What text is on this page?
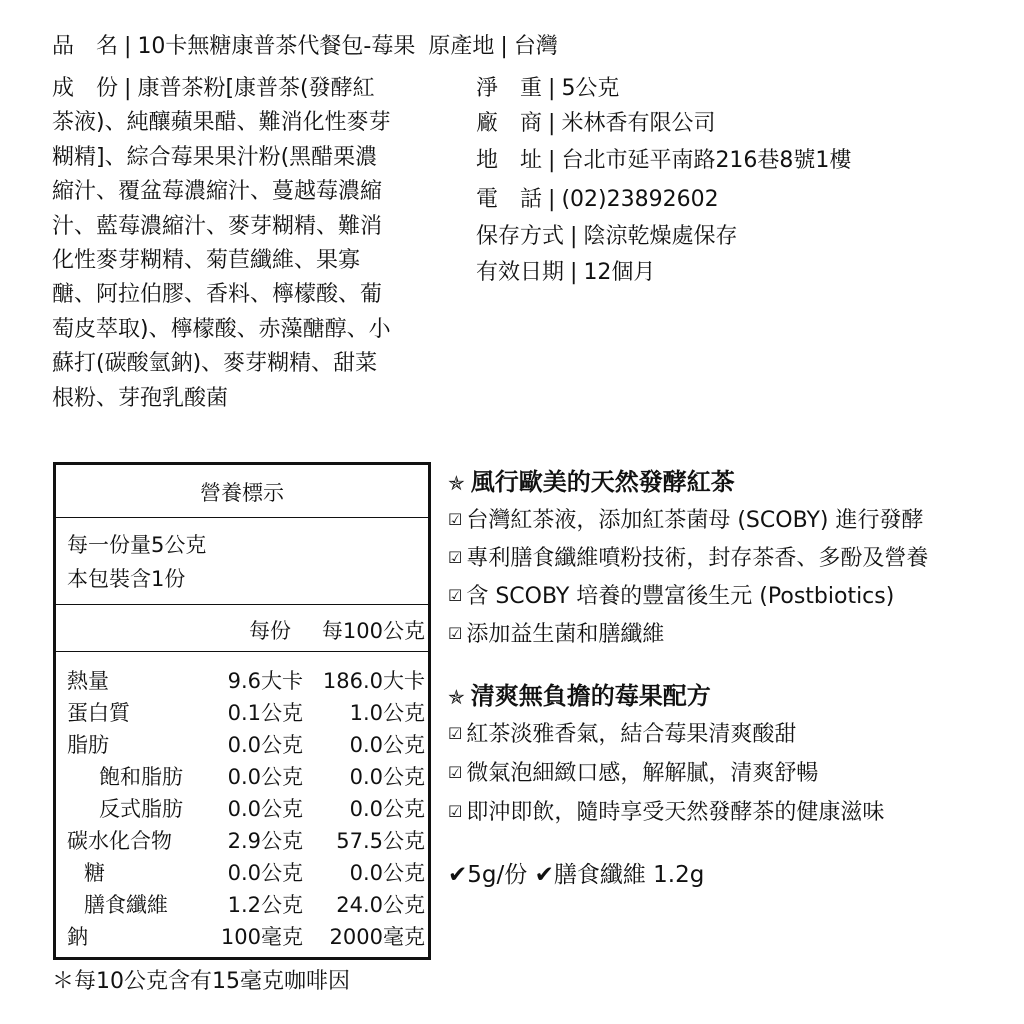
品　名 | 10卡無糖康普茶代餐包-莓果 原產地 | 台灣
成　份 | 康普茶粉[康普茶(發酵紅
茶液)、純釀蘋果醋、難消化性麥芽
糊精]、綜合莓果果汁粉(黑醋栗濃
縮汁、覆盆莓濃縮汁、蔓越莓濃縮
汁、藍莓濃縮汁、麥芽糊精、難消
化性麥芽糊精、菊苣纖維、果寡
醣、阿拉伯膠、香料、檸檬酸、葡
萄皮萃取)、檸檬酸、赤藻醣醇、小
蘇打(碳酸氫鈉)、麥芽糊精、甜菜
根粉、芽孢乳酸菌
淨　重 | 5公克
廠　商 | 米林香有限公司
地　址 | 台北市延平南路216巷8號1樓
電　話 | (02)23892602
保存方式 | 陰涼乾燥處保存
有效日期 | 12個月
營養標示
每一份量5公克
本包裝含1份
每份 每100公克
熱量	9.6大卡 186.0大卡
蛋白質	0.1公克 1.0公克
脂肪	0.0公克 0.0公克
飽和脂肪 0.0公克 0.0公克
反式脂肪 0.0公克 0.0公克
碳水化合物	2.9公克 57.5公克
糖	0.0公克 0.0公克
膳食纖維	1.2公克 24.0公克
鈉	100毫克 2000毫克
✯ 風行歐美的天然發酵紅茶
☑ 台灣紅茶液，添加紅茶菌母 (SCOBY) 進行發酵
☑ 專利膳食纖維噴粉技術，封存茶香、多酚及營養
☑ 含 SCOBY 培養的豐富後生元 (Postbiotics)
☑ 添加益生菌和膳纖維
✯ 清爽無負擔的莓果配方
☑ 紅茶淡雅香氣，結合莓果清爽酸甜
☑ 微氣泡細緻口感，解解膩，清爽舒暢
☑ 即沖即飲，隨時享受天然發酵茶的健康滋味
✔5g/份 ✔膳食纖維 1.2g
＊每10公克含有15毫克咖啡因
